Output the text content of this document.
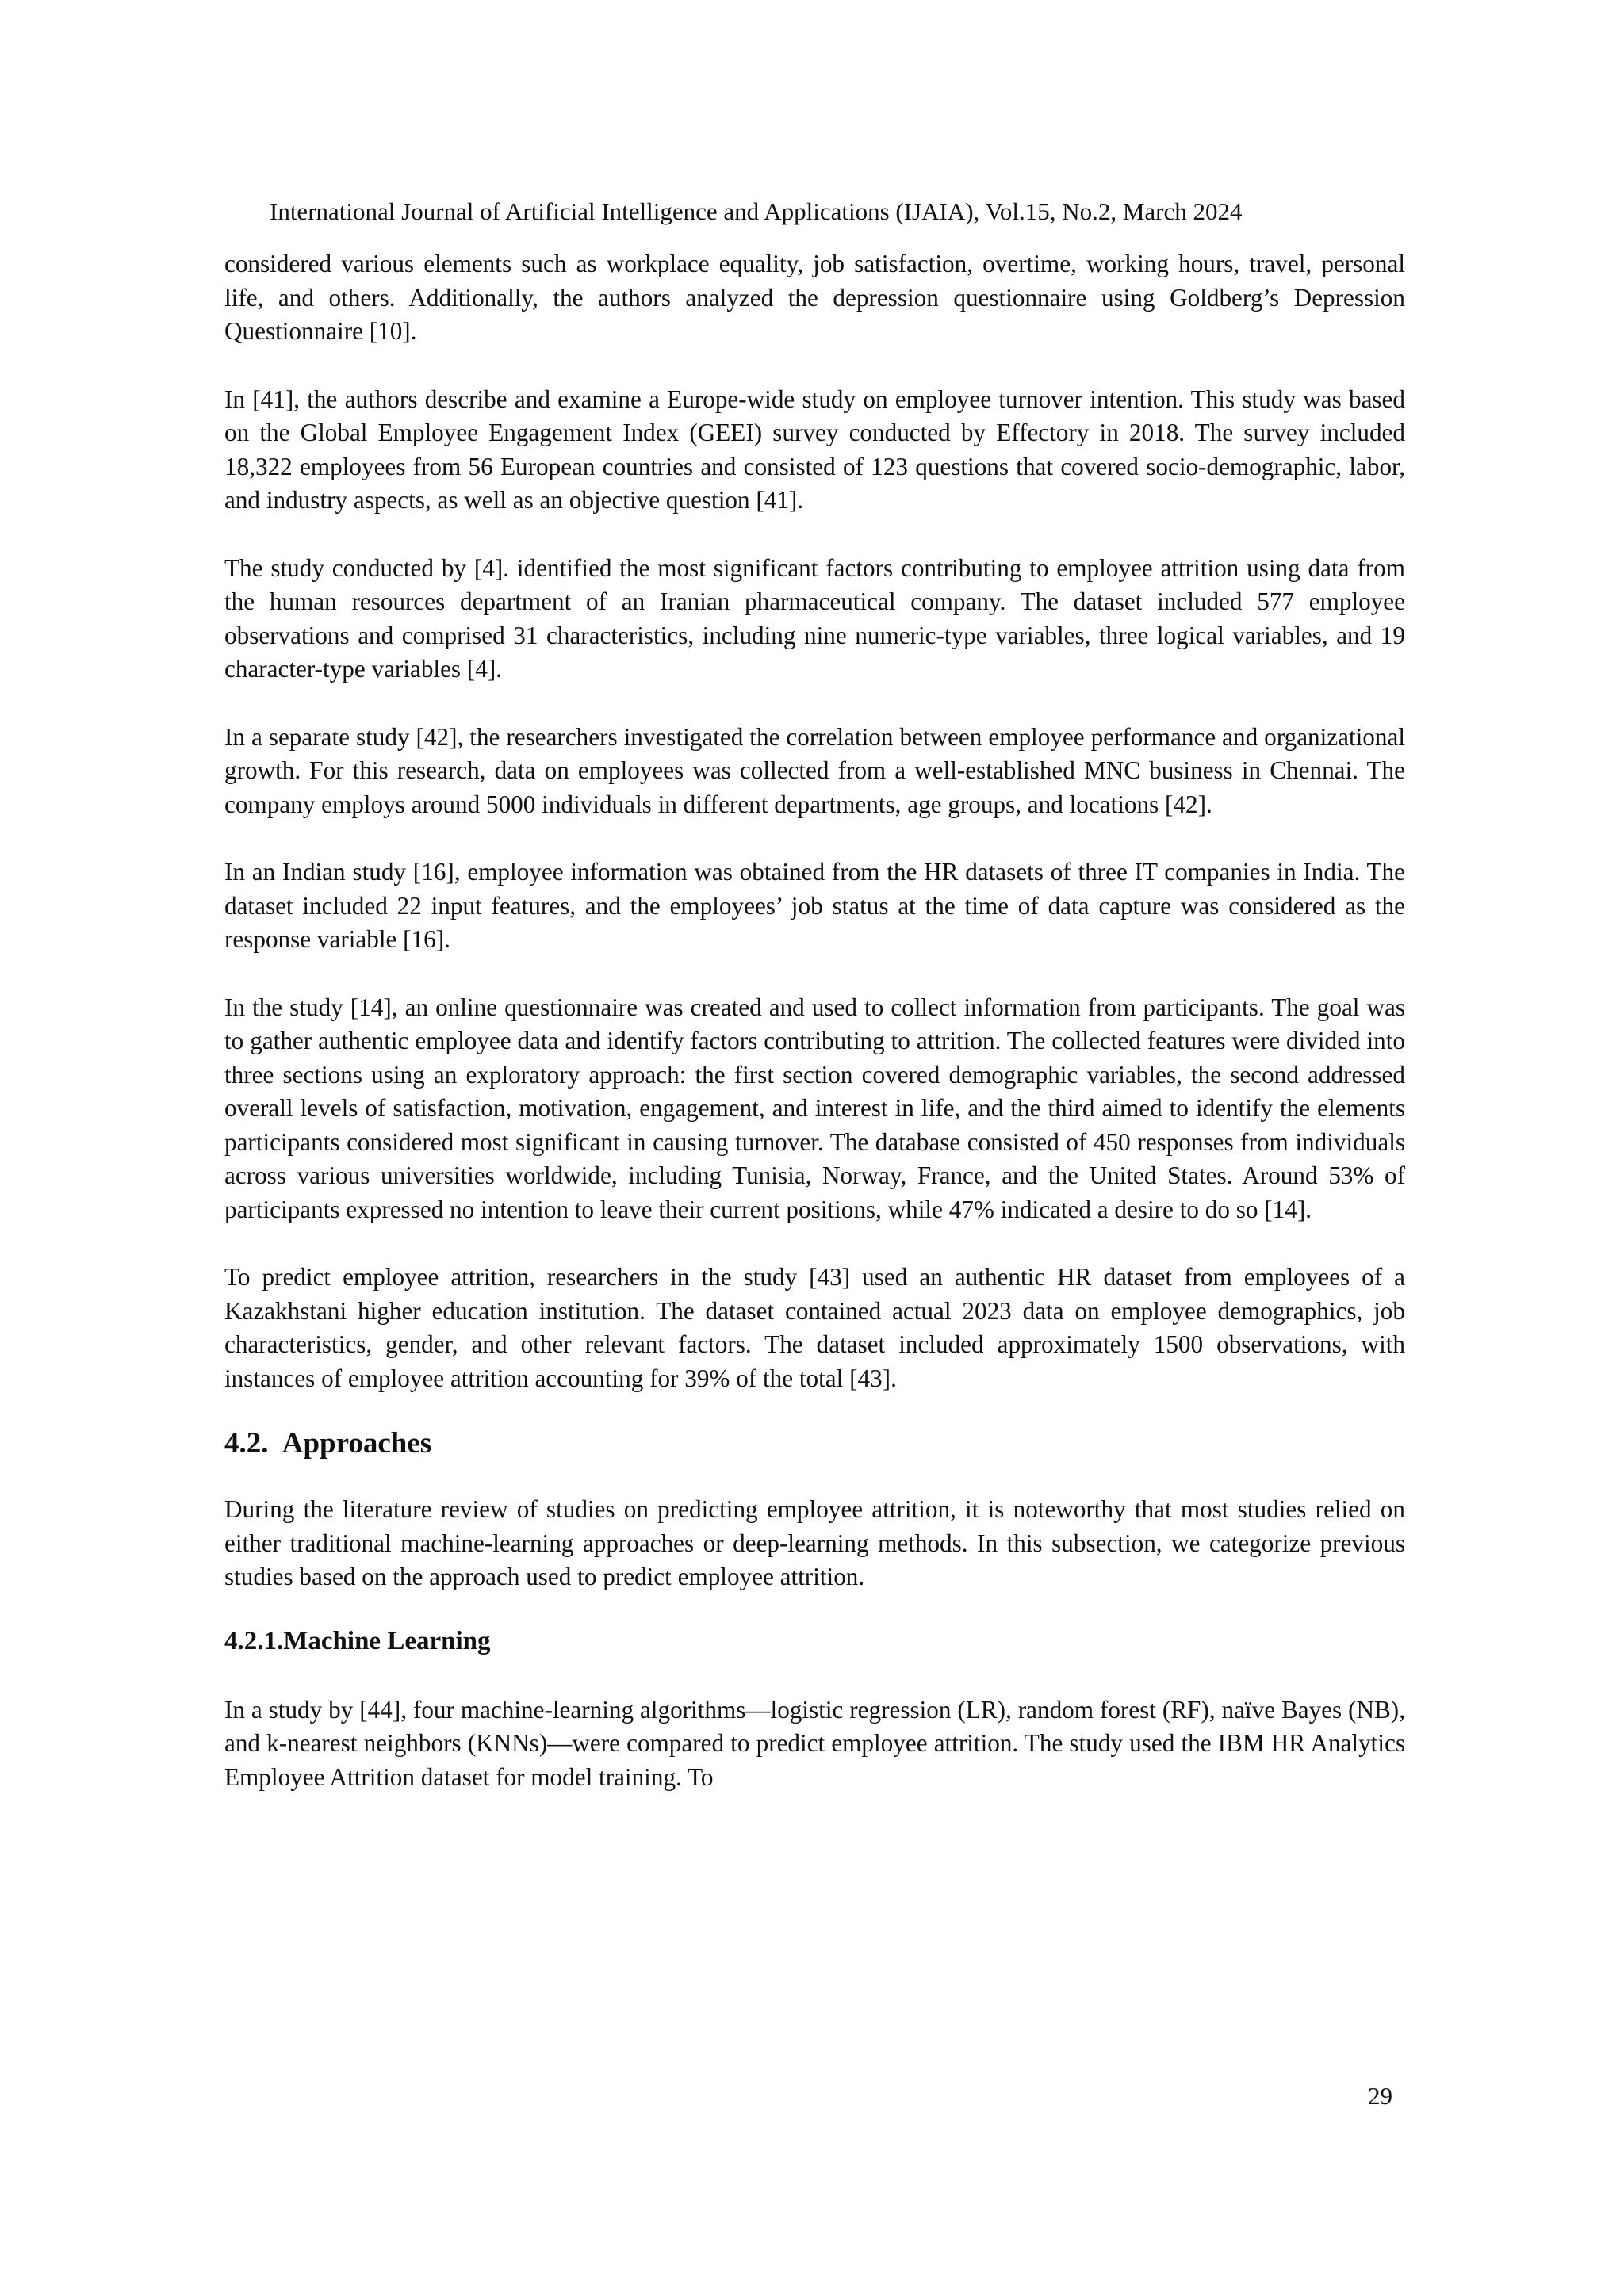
International Journal of Artificial Intelligence and Applications (IJAIA), Vol.15, No.2, March 2024

considered various elements such as workplace equality, job satisfaction, overtime, working hours, travel, personal life, and others. Additionally, the authors analyzed the depression questionnaire using Goldberg’s Depression Questionnaire [10].

In [41], the authors describe and examine a Europe-wide study on employee turnover intention. This study was based on the Global Employee Engagement Index (GEEI) survey conducted by Effectory in 2018. The survey included 18,322 employees from 56 European countries and consisted of 123 questions that covered socio-demographic, labor, and industry aspects, as well as an objective question [41].

The study conducted by [4]. identified the most significant factors contributing to employee attrition using data from the human resources department of an Iranian pharmaceutical company. The dataset included 577 employee observations and comprised 31 characteristics, including nine numeric-type variables, three logical variables, and 19 character-type variables [4].

In a separate study [42], the researchers investigated the correlation between employee performance and organizational growth. For this research, data on employees was collected from a well-established MNC business in Chennai. The company employs around 5000 individuals in different departments, age groups, and locations [42].

In an Indian study [16], employee information was obtained from the HR datasets of three IT companies in India. The dataset included 22 input features, and the employees’ job status at the time of data capture was considered as the response variable [16].

In the study [14], an online questionnaire was created and used to collect information from participants. The goal was to gather authentic employee data and identify factors contributing to attrition. The collected features were divided into three sections using an exploratory approach: the first section covered demographic variables, the second addressed overall levels of satisfaction, motivation, engagement, and interest in life, and the third aimed to identify the elements participants considered most significant in causing turnover. The database consisted of 450 responses from individuals across various universities worldwide, including Tunisia, Norway, France, and the United States. Around 53% of participants expressed no intention to leave their current positions, while 47% indicated a desire to do so [14].

To predict employee attrition, researchers in the study [43] used an authentic HR dataset from employees of a Kazakhstani higher education institution. The dataset contained actual 2023 data on employee demographics, job characteristics, gender, and other relevant factors. The dataset included approximately 1500 observations, with instances of employee attrition accounting for 39% of the total [43].

4.2. Approaches

During the literature review of studies on predicting employee attrition, it is noteworthy that most studies relied on either traditional machine-learning approaches or deep-learning methods. In this subsection, we categorize previous studies based on the approach used to predict employee attrition.

4.2.1.Machine Learning

In a study by [44], four machine-learning algorithms—logistic regression (LR), random forest (RF), naïve Bayes (NB), and k-nearest neighbors (KNNs)—were compared to predict employee attrition. The study used the IBM HR Analytics Employee Attrition dataset for model training. To

29
